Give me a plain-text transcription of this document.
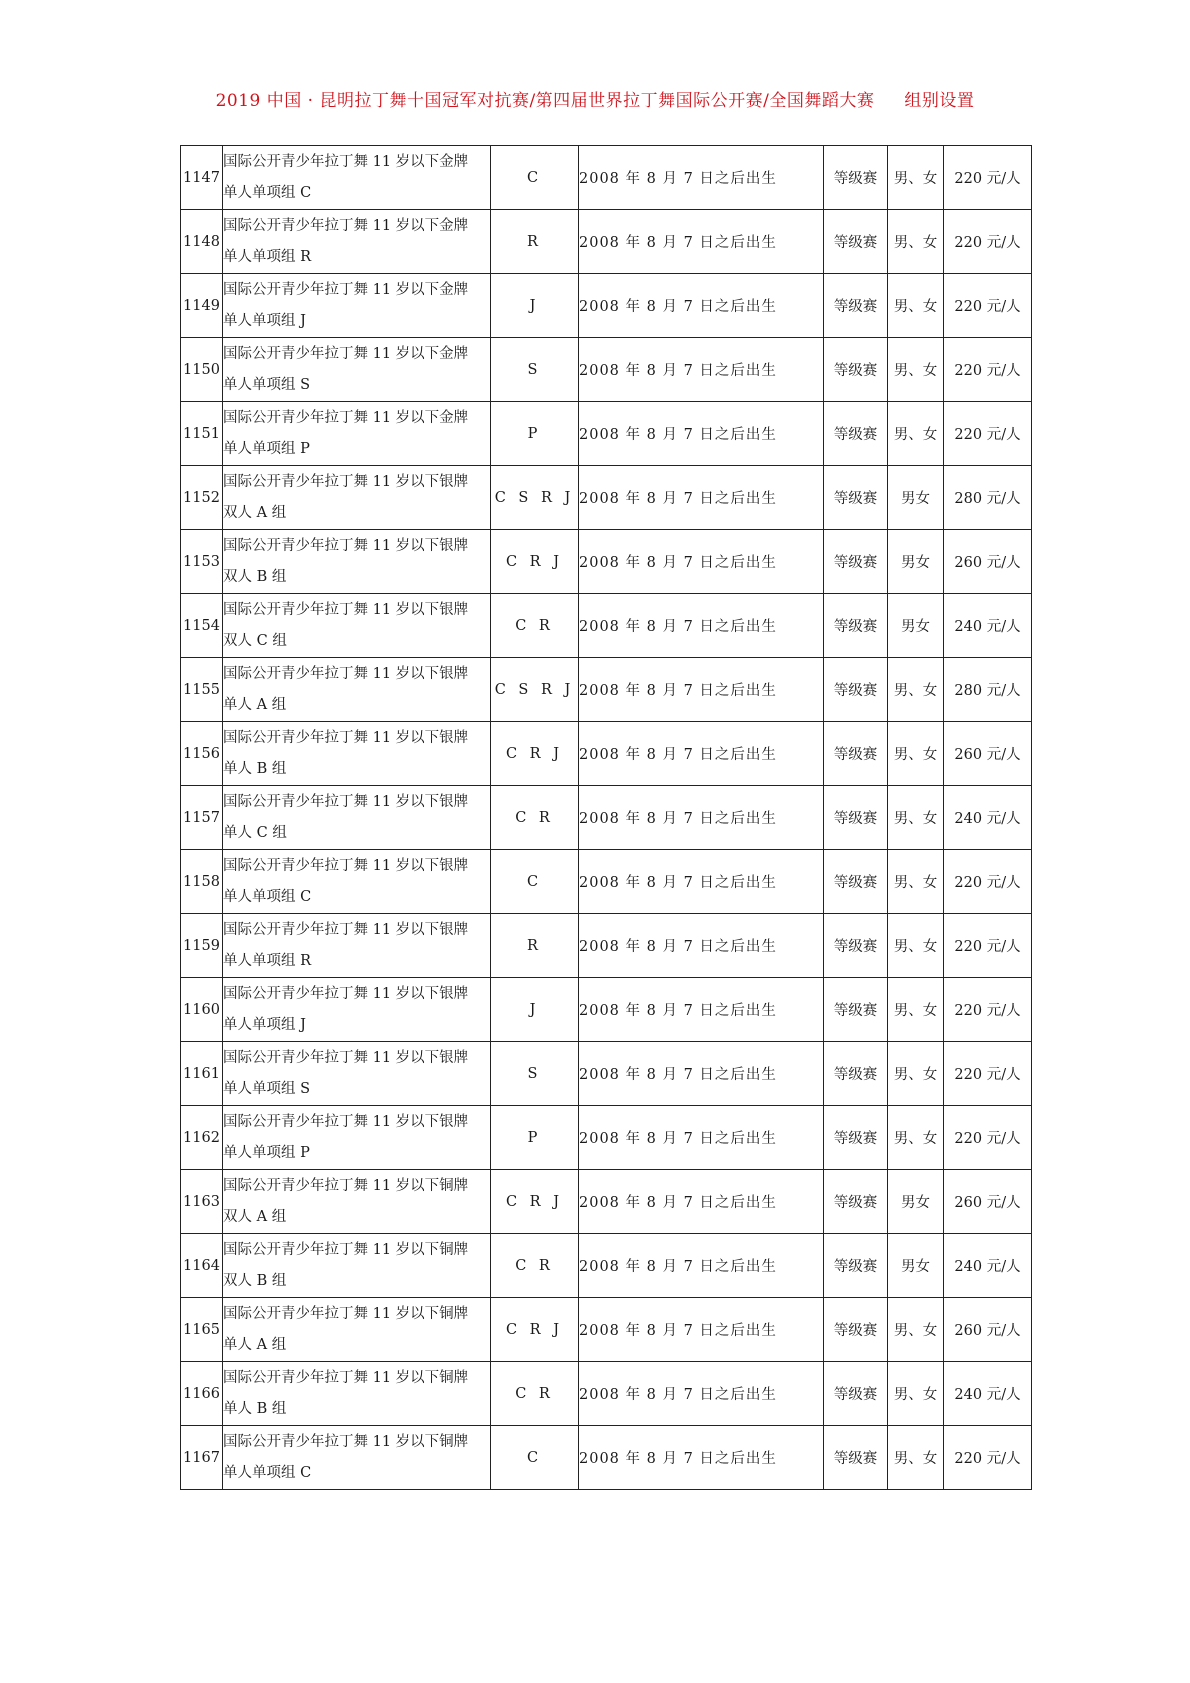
2019 中国 · 昆明拉丁舞十国冠军对抗赛/第四届世界拉丁舞国际公开赛/全国舞蹈大赛 组别设置
1147	国际公开青少年拉丁舞 11 岁以下金牌
单人单项组 C	C	2008 年 8 月 7 日之后出生	等级赛	男、女	220 元/人
1148	国际公开青少年拉丁舞 11 岁以下金牌
单人单项组 R	R	2008 年 8 月 7 日之后出生	等级赛	男、女	220 元/人
1149	国际公开青少年拉丁舞 11 岁以下金牌
单人单项组 J	J	2008 年 8 月 7 日之后出生	等级赛	男、女	220 元/人
1150	国际公开青少年拉丁舞 11 岁以下金牌
单人单项组 S	S	2008 年 8 月 7 日之后出生	等级赛	男、女	220 元/人
1151	国际公开青少年拉丁舞 11 岁以下金牌
单人单项组 P	P	2008 年 8 月 7 日之后出生	等级赛	男、女	220 元/人
1152	国际公开青少年拉丁舞 11 岁以下银牌
双人 A 组	C S R J	2008 年 8 月 7 日之后出生	等级赛	男女	280 元/人
1153	国际公开青少年拉丁舞 11 岁以下银牌
双人 B 组	C R J	2008 年 8 月 7 日之后出生	等级赛	男女	260 元/人
1154	国际公开青少年拉丁舞 11 岁以下银牌
双人 C 组	C R	2008 年 8 月 7 日之后出生	等级赛	男女	240 元/人
1155	国际公开青少年拉丁舞 11 岁以下银牌
单人 A 组	C S R J	2008 年 8 月 7 日之后出生	等级赛	男、女	280 元/人
1156	国际公开青少年拉丁舞 11 岁以下银牌
单人 B 组	C R J	2008 年 8 月 7 日之后出生	等级赛	男、女	260 元/人
1157	国际公开青少年拉丁舞 11 岁以下银牌
单人 C 组	C R	2008 年 8 月 7 日之后出生	等级赛	男、女	240 元/人
1158	国际公开青少年拉丁舞 11 岁以下银牌
单人单项组 C	C	2008 年 8 月 7 日之后出生	等级赛	男、女	220 元/人
1159	国际公开青少年拉丁舞 11 岁以下银牌
单人单项组 R	R	2008 年 8 月 7 日之后出生	等级赛	男、女	220 元/人
1160	国际公开青少年拉丁舞 11 岁以下银牌
单人单项组 J	J	2008 年 8 月 7 日之后出生	等级赛	男、女	220 元/人
1161	国际公开青少年拉丁舞 11 岁以下银牌
单人单项组 S	S	2008 年 8 月 7 日之后出生	等级赛	男、女	220 元/人
1162	国际公开青少年拉丁舞 11 岁以下银牌
单人单项组 P	P	2008 年 8 月 7 日之后出生	等级赛	男、女	220 元/人
1163	国际公开青少年拉丁舞 11 岁以下铜牌
双人 A 组	C R J	2008 年 8 月 7 日之后出生	等级赛	男女	260 元/人
1164	国际公开青少年拉丁舞 11 岁以下铜牌
双人 B 组	C R	2008 年 8 月 7 日之后出生	等级赛	男女	240 元/人
1165	国际公开青少年拉丁舞 11 岁以下铜牌
单人 A 组	C R J	2008 年 8 月 7 日之后出生	等级赛	男、女	260 元/人
1166	国际公开青少年拉丁舞 11 岁以下铜牌
单人 B 组	C R	2008 年 8 月 7 日之后出生	等级赛	男、女	240 元/人
1167	国际公开青少年拉丁舞 11 岁以下铜牌
单人单项组 C	C	2008 年 8 月 7 日之后出生	等级赛	男、女	220 元/人
